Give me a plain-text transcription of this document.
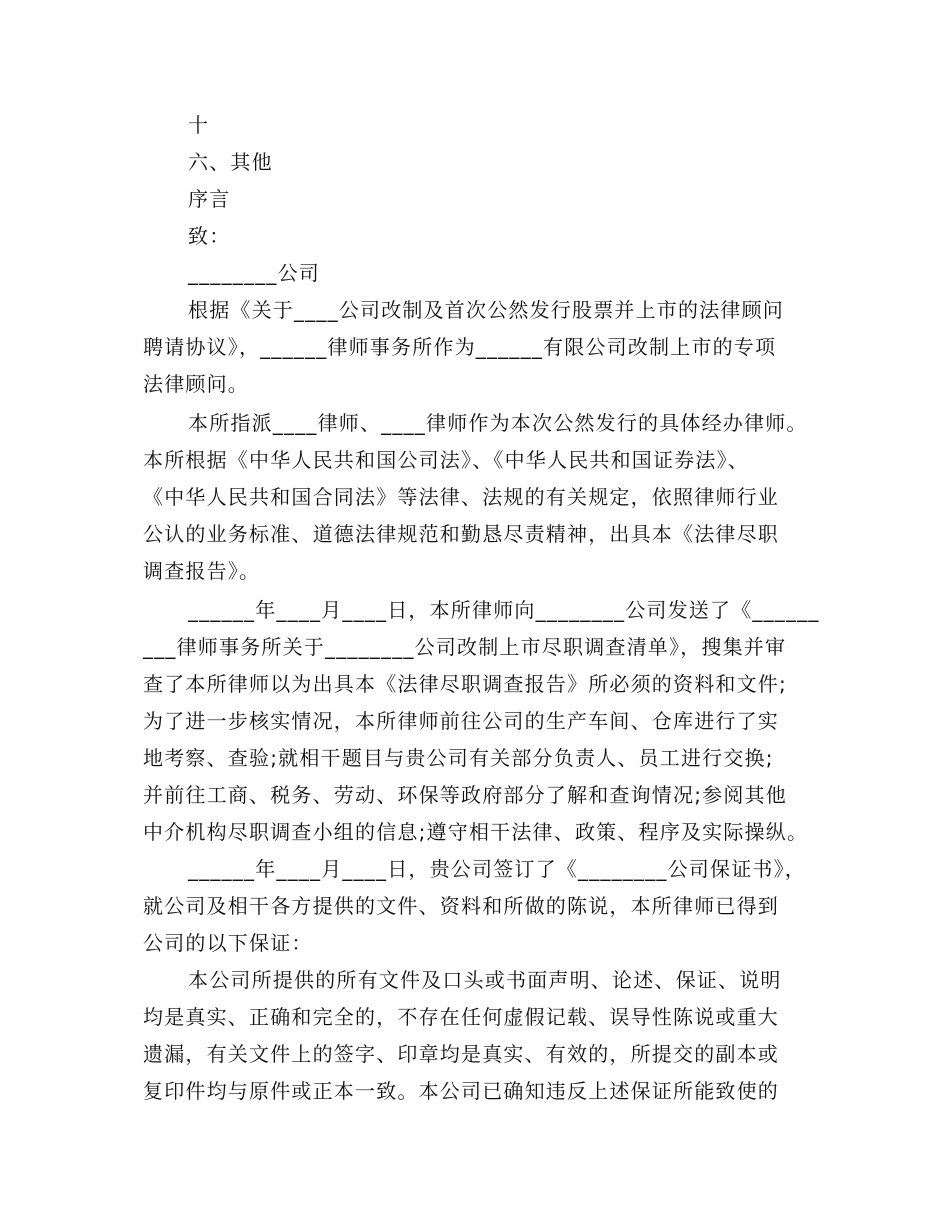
十
六、其他
序言
致：
________公司
根据《关于____公司改制及首次公然发行股票并上市的法律顾问
聘请协议》，______律师事务所作为______有限公司改制上市的专项
法律顾问。
本所指派____律师、____律师作为本次公然发行的具体经办律师。
本所根据《中华人民共和国公司法》、《中华人民共和国证券法》、
《中华人民共和国合同法》等法律、法规的有关规定，依照律师行业
公认的业务标准、道德法律规范和勤恳尽责精神，出具本《法律尽职
调查报告》。
______年____月____日，本所律师向________公司发送了《______
___律师事务所关于________公司改制上市尽职调查清单》，搜集并审
查了本所律师以为出具本《法律尽职调查报告》所必须的资料和文件;
为了进一步核实情况，本所律师前往公司的生产车间、仓库进行了实
地考察、查验;就相干题目与贵公司有关部分负责人、员工进行交换;
并前往工商、税务、劳动、环保等政府部分了解和查询情况;参阅其他
中介机构尽职调查小组的信息;遵守相干法律、政策、程序及实际操纵。
______年____月____日，贵公司签订了《________公司保证书》，
就公司及相干各方提供的文件、资料和所做的陈说，本所律师已得到
公司的以下保证：
本公司所提供的所有文件及口头或书面声明、论述、保证、说明
均是真实、正确和完全的，不存在任何虚假记载、误导性陈说或重大
遗漏，有关文件上的签字、印章均是真实、有效的，所提交的副本或
复印件均与原件或正本一致。本公司已确知违反上述保证所能致使的
